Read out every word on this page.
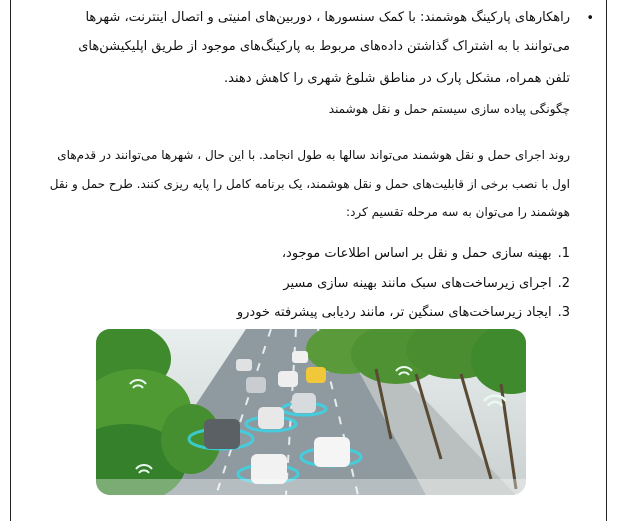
•
راهکارهای پارکینگ هوشمند: با کمک سنسورها ، دوربین‌های امنیتی و اتصال اینترنت، شهرها
می‌توانند با به اشتراک گذاشتن داده‌های مربوط به پارکینگ‌های موجود از طریق اپلیکیشن‌های
تلفن همراه، مشکل پارک در مناطق شلوغ شهری را کاهش دهند.
چگونگی پیاده سازی سیستم حمل و نقل هوشمند
روند اجرای حمل و نقل هوشمند می‌تواند سالها به طول انجامد. با این حال ، شهرها می‌توانند در قدم‌های
اول با نصب برخی از قابلیت‌های حمل و نقل هوشمند، یک برنامه کامل را پایه ریزی کنند. طرح حمل و نقل
هوشمند را می‌توان به سه مرحله تقسیم کرد:
1.بهینه سازی حمل و نقل بر اساس اطلاعات موجود،
2.اجرای زیرساخت‌های سبک مانند بهینه سازی مسیر
3.ایجاد زیرساخت‌های سنگین تر، مانند ردیابی پیشرفته خودرو
